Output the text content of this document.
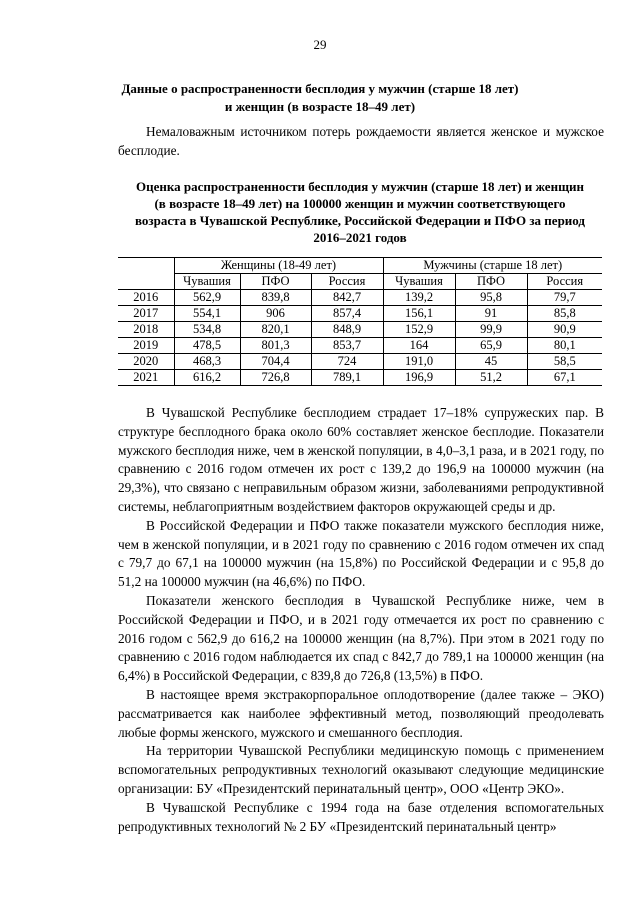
29
Данные о распространенности бесплодия у мужчин (старше 18 лет)
и женщин (в возрасте 18–49 лет)

Немаловажным источником потерь рождаемости является женское и мужское бесплодие.

Оценка распространенности бесплодия у мужчин (старше 18 лет) и женщин
(в возрасте 18–49 лет) на 100000 женщин и мужчин соответствующего
возраста в Чувашской Республике, Российской Федерации и ПФО за период
2016–2021 годов
	Женщины (18-49 лет)			Мужчины (старше 18 лет)		
	Чувашия	ПФО	Россия	Чувашия	ПФО	Россия
2016	562,9	839,8	842,7	139,2	95,8	79,7
2017	554,1	906	857,4	156,1	91	85,8
2018	534,8	820,1	848,9	152,9	99,9	90,9
2019	478,5	801,3	853,7	164	65,9	80,1
2020	468,3	704,4	724	191,0	45	58,5
2021	616,2	726,8	789,1	196,9	51,2	67,1

В Чувашской Республике бесплодием страдает 17–18% супружеских пар. В структуре бесплодного брака около 60% составляет женское бесплодие. Показатели мужского бесплодия ниже, чем в женской популяции, в 4,0–3,1 раза, и в 2021 году, по сравнению с 2016 годом отмечен их рост с 139,2 до 196,9 на 100000 мужчин (на 29,3%), что связано с неправильным образом жизни, заболеваниями репродуктивной системы, неблагоприятным воздействием факторов окружающей среды и др.

В Российской Федерации и ПФО также показатели мужского бесплодия ниже, чем в женской популяции, и в 2021 году по сравнению с 2016 годом отмечен их спад с 79,7 до 67,1 на 100000 мужчин (на 15,8%) по Российской Федерации и с 95,8 до 51,2 на 100000 мужчин (на 46,6%) по ПФО.

Показатели женского бесплодия в Чувашской Республике ниже, чем в Российской Федерации и ПФО, и в 2021 году отмечается их рост по сравнению с 2016 годом с 562,9 до 616,2 на 100000 женщин (на 8,7%). При этом в 2021 году по сравнению с 2016 годом наблюдается их спад с 842,7 до 789,1 на 100000 женщин (на 6,4%) в Российской Федерации, с 839,8 до 726,8 (13,5%) в ПФО.

В настоящее время экстракорпоральное оплодотворение (далее также – ЭКО) рассматривается как наиболее эффективный метод, позволяющий преодолевать любые формы женского, мужского и смешанного бесплодия.

На территории Чувашской Республики медицинскую помощь с применением вспомогательных репродуктивных технологий оказывают следующие медицинские организации: БУ «Президентский перинатальный центр», ООО «Центр ЭКО».

В Чувашской Республике с 1994 года на базе отделения вспомогательных репродуктивных технологий № 2 БУ «Президентский перинатальный центр»
